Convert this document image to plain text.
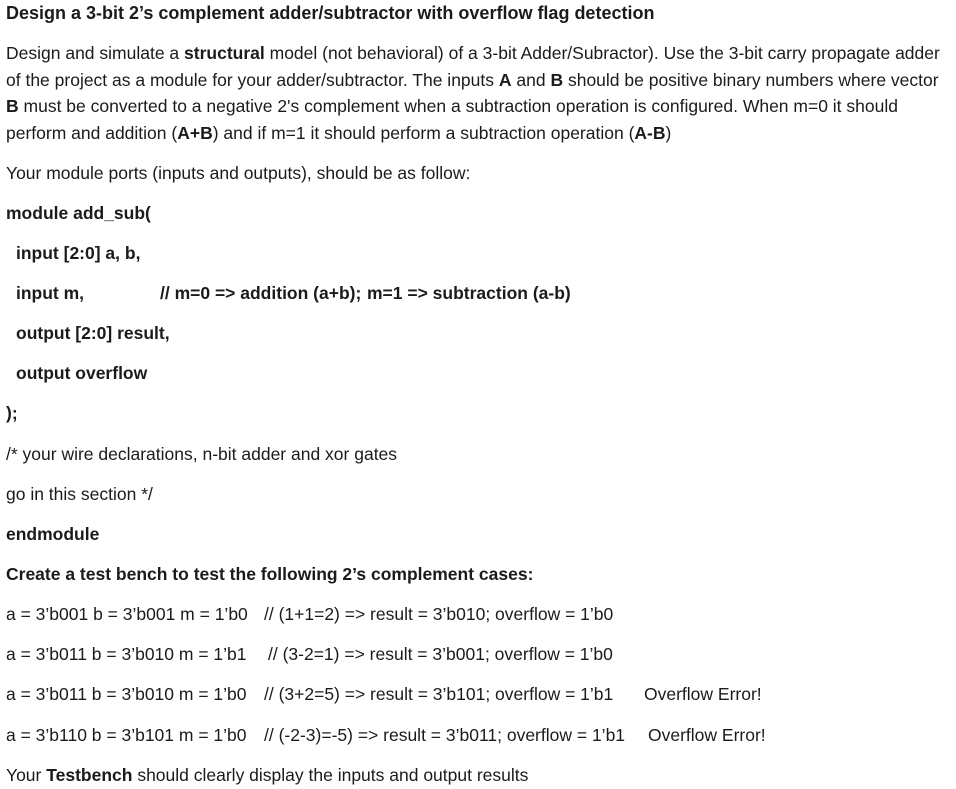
Design a 3-bit 2’s complement adder/subtractor with overflow flag detection
Design and simulate a structural model (not behavioral) of a 3-bit Adder/Subractor). Use the 3-bit carry propagate adder of the project as a module for your adder/subtractor. The inputs A and B should be positive binary numbers where vector B must be converted to a negative 2's complement when a subtraction operation is configured. When m=0 it should perform and addition (A+B) and if m=1 it should perform a subtraction operation (A-B)
Your module ports (inputs and outputs), should be as follow:
module add_sub(
input [2:0] a, b,
input m,	// m=0 => addition (a+b); m=1 => subtraction (a-b)
output [2:0] result,
output overflow
);
/* your wire declarations, n-bit adder and xor gates
go in this section */
endmodule
Create a test bench to test the following 2’s complement cases:
a = 3’b001 b = 3’b001 m = 1’b0 // (1+1=2) => result = 3’b010; overflow = 1’b0
a = 3’b011 b = 3’b010 m = 1’b1 // (3-2=1) => result = 3’b001; overflow = 1’b0
a = 3’b011 b = 3’b010 m = 1’b0 // (3+2=5) => result = 3’b101; overflow = 1’b1 Overflow Error!
a = 3’b110 b = 3’b101 m = 1’b0 // (-2-3)=-5) => result = 3’b011; overflow = 1’b1 Overflow Error!
Your Testbench should clearly display the inputs and output results
